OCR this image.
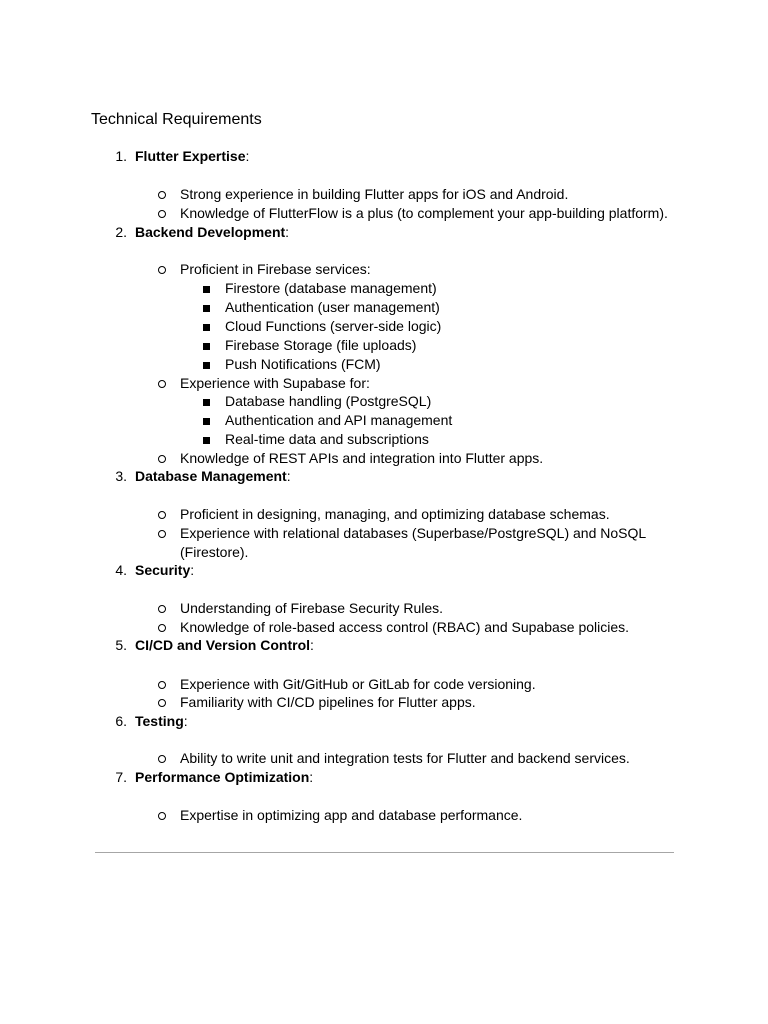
Technical Requirements
1. Flutter Expertise:
Strong experience in building Flutter apps for iOS and Android.
Knowledge of FlutterFlow is a plus (to complement your app-building platform).
2. Backend Development:
Proficient in Firebase services:
Firestore (database management)
Authentication (user management)
Cloud Functions (server-side logic)
Firebase Storage (file uploads)
Push Notifications (FCM)
Experience with Supabase for:
Database handling (PostgreSQL)
Authentication and API management
Real-time data and subscriptions
Knowledge of REST APIs and integration into Flutter apps.
3. Database Management:
Proficient in designing, managing, and optimizing database schemas.
Experience with relational databases (Superbase/PostgreSQL) and NoSQL
(Firestore).
4. Security:
Understanding of Firebase Security Rules.
Knowledge of role-based access control (RBAC) and Supabase policies.
5. CI/CD and Version Control:
Experience with Git/GitHub or GitLab for code versioning.
Familiarity with CI/CD pipelines for Flutter apps.
6. Testing:
Ability to write unit and integration tests for Flutter and backend services.
7. Performance Optimization:
Expertise in optimizing app and database performance.
